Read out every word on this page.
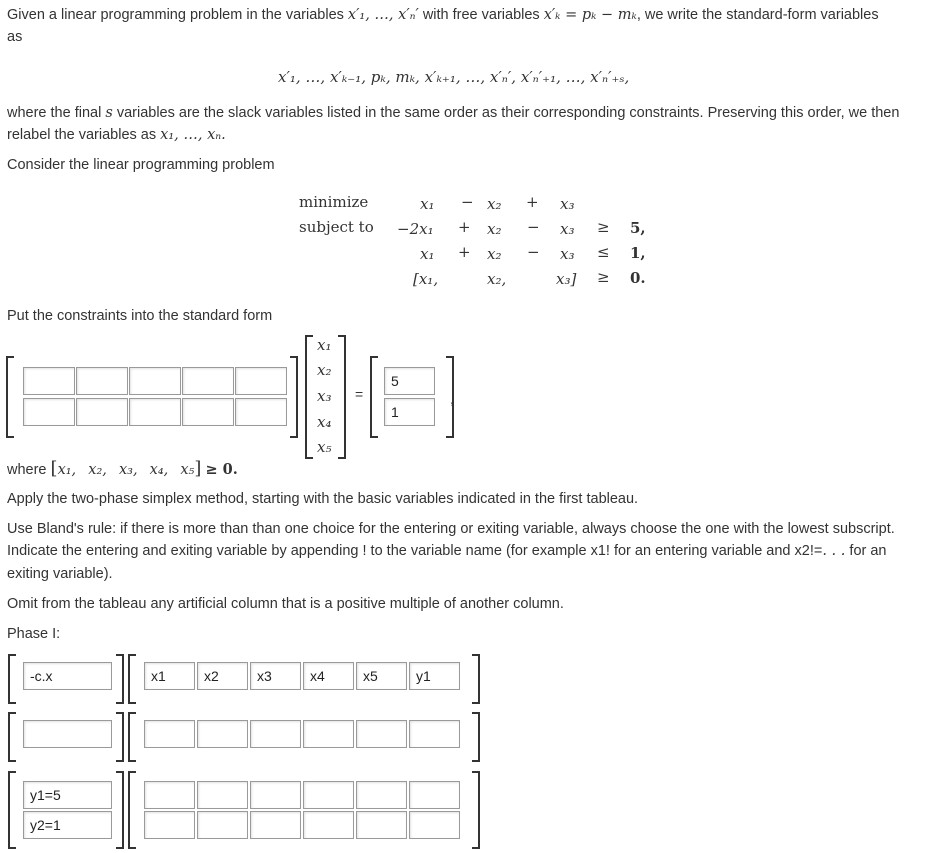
Given a linear programming problem in the variables x′₁, …, x′ₙ′ with free variables x′ₖ = pₖ − mₖ, we write the standard-form variables
as
x′₁, …, x′ₖ₋₁, pₖ, mₖ, x′ₖ₊₁, …, x′ₙ′, x′ₙ′₊₁, …, x′ₙ′₊ₛ,
where the final s variables are the slack variables listed in the same order as their corresponding constraints. Preserving this order, we then
relabel the variables as x₁, …, xₙ.
Consider the linear programming problem
minimize
subject to
x₁ − x₂ + x₃
−2x₁ + x₂ − x₃ ≥ 5,
x₁ + x₂ − x₃ ≤ 1,
[x₁,	x₂,	x₃] ≥ 0.
Put the constraints into the standard form
x₁
x₂
x₃
x₄
x₅
=
5
1
,
where [x₁, x₂, x₃, x₄, x₅] ≥ 0.
Apply the two-phase simplex method, starting with the basic variables indicated in the first tableau.
Use Bland's rule: if there is more than than one choice for the entering or exiting variable, always choose the one with the lowest subscript.
Indicate the entering and exiting variable by appending ! to the variable name (for example x1! for an entering variable and x2!=. . . for an
exiting variable).
Omit from the tableau any artificial column that is a positive multiple of another column.
Phase I:
-c.x	x1	x2	x3	x4	x5	y1
y1=5
y2=1
